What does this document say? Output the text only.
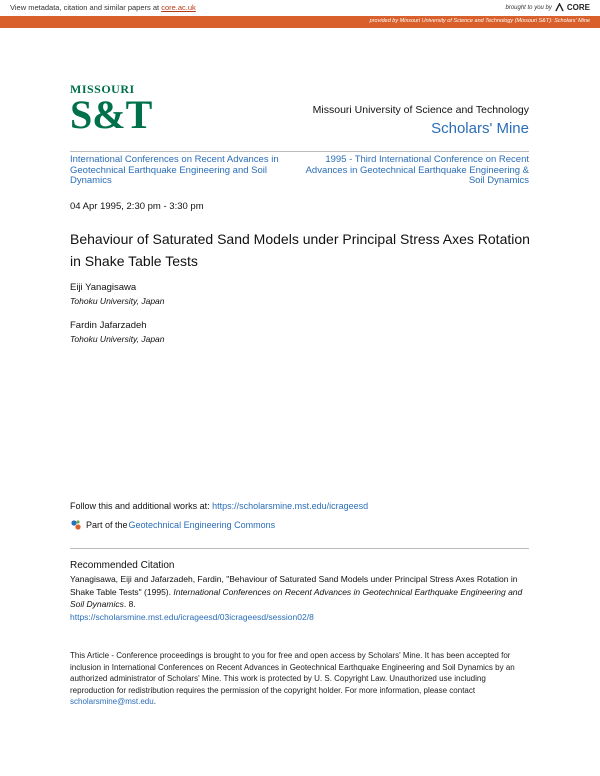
View metadata, citation and similar papers at core.ac.uk	brought to you by CORE
provided by Missouri University of Science and Technology (Missouri S&T): Scholars' Mine
MISSOURI
S&T	Missouri University of Science and Technology
Scholars' Mine
International Conferences on Recent Advances in Geotechnical Earthquake Engineering and Soil Dynamics
1995 - Third International Conference on Recent Advances in Geotechnical Earthquake Engineering & Soil Dynamics
04 Apr 1995, 2:30 pm - 3:30 pm
Behaviour of Saturated Sand Models under Principal Stress Axes Rotation in Shake Table Tests
Eiji Yanagisawa
Tohoku University, Japan
Fardin Jafarzadeh
Tohoku University, Japan
Follow this and additional works at: https://scholarsmine.mst.edu/icrageesd
Part of the Geotechnical Engineering Commons
Recommended Citation
Yanagisawa, Eiji and Jafarzadeh, Fardin, "Behaviour of Saturated Sand Models under Principal Stress Axes Rotation in Shake Table Tests" (1995). International Conferences on Recent Advances in Geotechnical Earthquake Engineering and Soil Dynamics. 8.
https://scholarsmine.mst.edu/icrageesd/03icrageesd/session02/8
This Article - Conference proceedings is brought to you for free and open access by Scholars' Mine. It has been accepted for inclusion in International Conferences on Recent Advances in Geotechnical Earthquake Engineering and Soil Dynamics by an authorized administrator of Scholars' Mine. This work is protected by U. S. Copyright Law. Unauthorized use including reproduction for redistribution requires the permission of the copyright holder. For more information, please contact scholarsmine@mst.edu.
